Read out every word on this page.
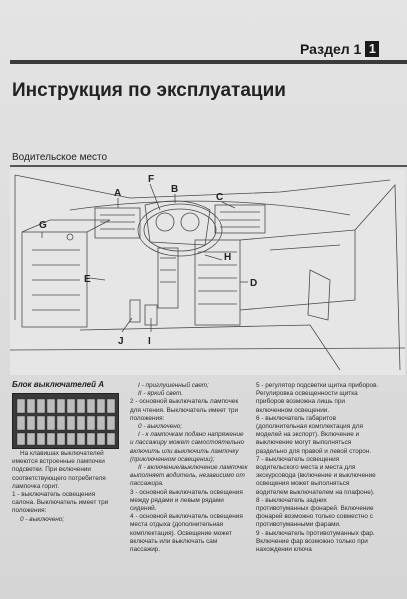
Раздел 1 1
Инструкция по эксплуатации
Водительское место
A	B
C
D
E
F
G
H
I
J
Блок выключателей А

На клавишах выключателей имеются встроенные лампочки подсветки. При включении соответствующего потребителя лампочка горит.

1 - выключатель освещения салона. Выключатель имеет три положения:

0 - выключено;

I - приглушенный свет;

II - яркий свет.

2 - основной выключатель лампочек для чтения. Выключатель имеет три положения:

0 - выключено;

I - к лампочкам подано напряжение и пассажиру может самостоятельно включить или выключить лампочку (приключенном освещении);

II - включение/выключение лампочек выполняет водитель, независимо от пассажира.

3 - основной выключатель освещения между рядами и левым рядами сидений.

4 - основной выключатель освещения места отдыха (дополнительная комплектация). Освещение может включать или выключать сам пассажир.

5 - регулятор подсветки щитка приборов. Регулировка освещенности щитка приборов возможна лишь при включенном освещении.

6 - выключатель габаритов (дополнительная комплектация для моделей на экспорт). Включение и выключение могут выполняться раздельно для правой и левой сторон.

7 - выключатель освещения водительского места и места для экскурсовода (включение и выключение освещения может выполняться водителем выключателем на плафоне).

8 - выключатель задних противотуманных фонарей. Включение фонарей возможно только совместно с противотуманными фарами.

9 - выключатель противотуманных фар. Включение фар возможно только при нахождении ключа
